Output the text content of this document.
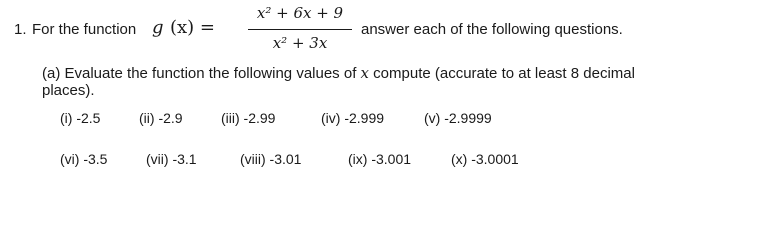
1. For the function g (x) =
x² + 6x + 9
x² + 3x
answer each of the following questions.
(a) Evaluate the function the following values of x compute (accurate to at least 8 decimal
places).
(i) -2.5	(ii) -2.9	(iii) -2.99	(iv) -2.999	(v) -2.9999
(vi) -3.5	(vii) -3.1	(viii) -3.01	(ix) -3.001	(x) -3.0001
